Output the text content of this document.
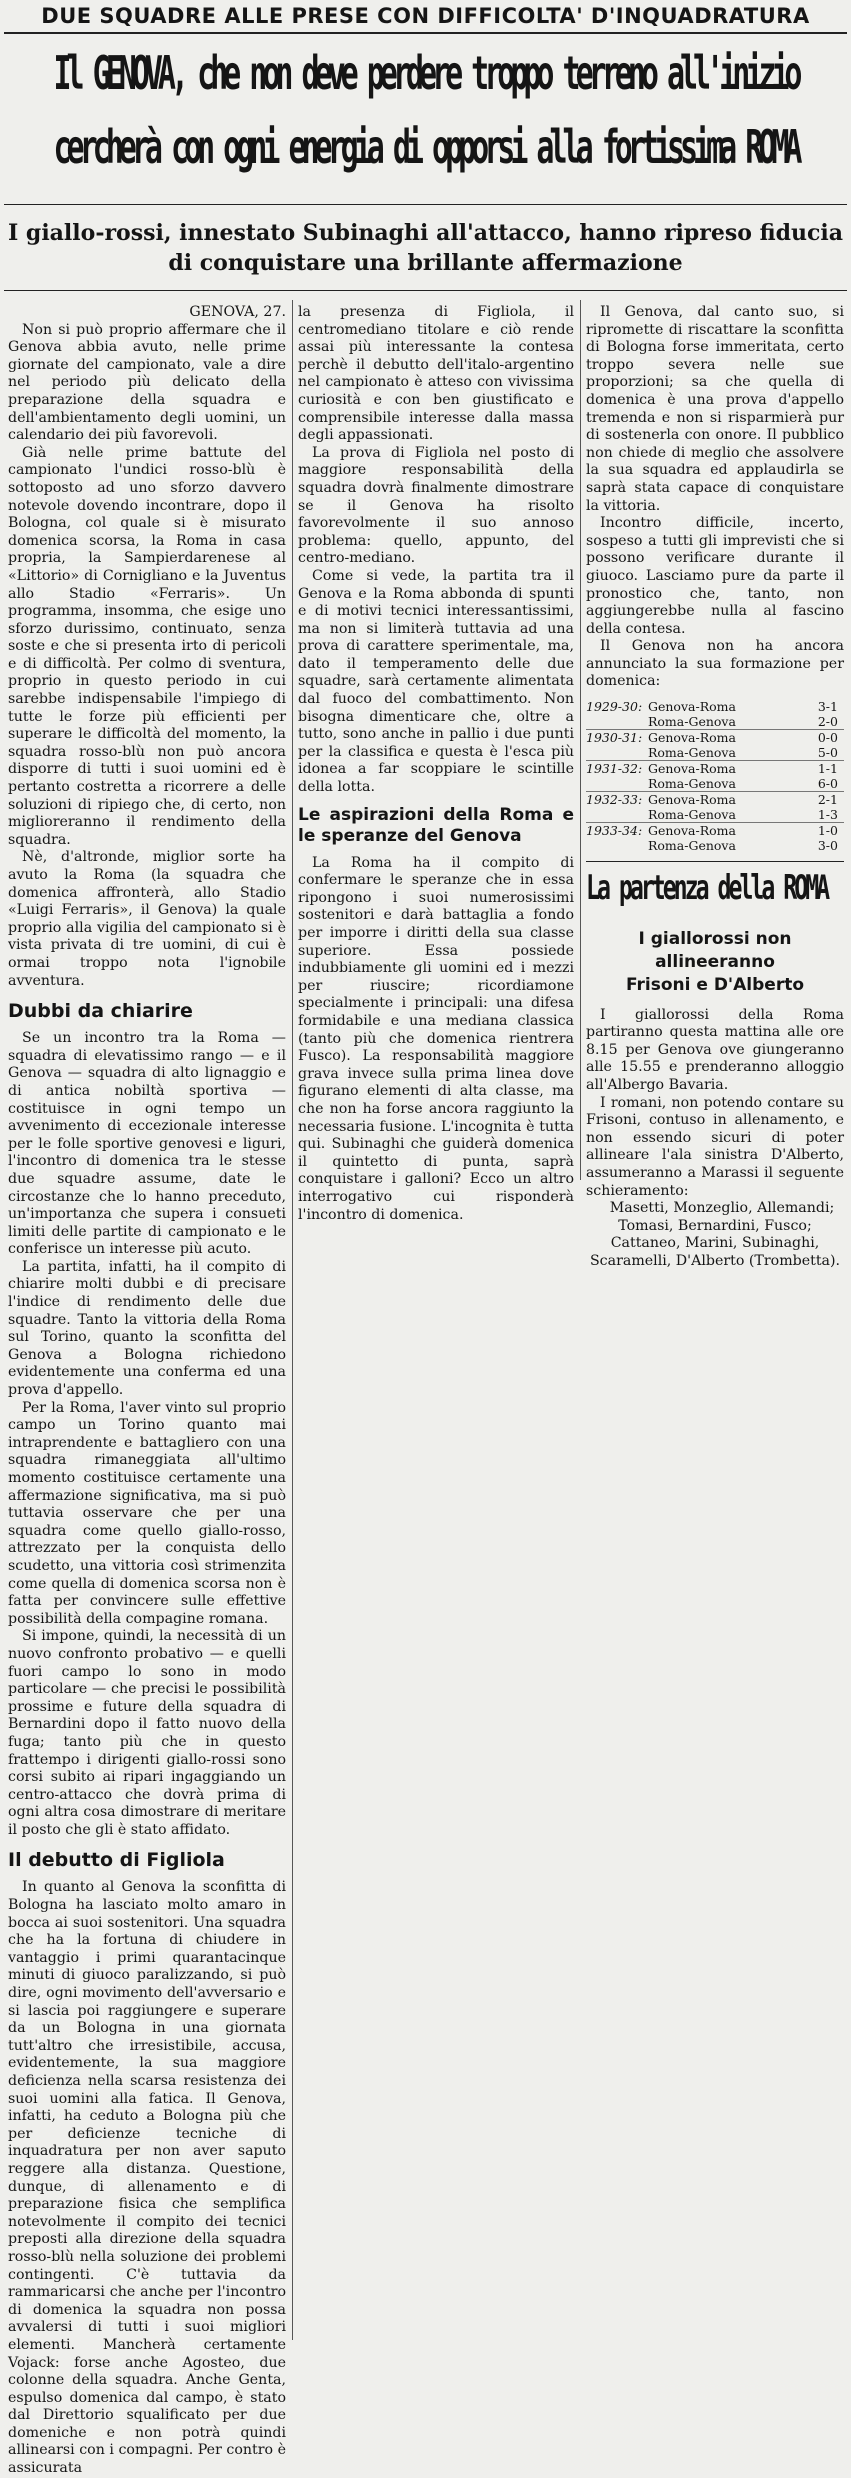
DUE SQUADRE ALLE PRESE CON DIFFICOLTA' D'INQUADRATURA
Il GENOVA, che non deve perdere troppo terreno all'inizio
cercherà con ogni energia di opporsi alla fortissima ROMA
I giallo-rossi, innestato Subinaghi all'attacco, hanno ripreso fiducia
di conquistare una brillante affermazione

GENOVA, 27.

Non si può proprio affermare che il Genova abbia avuto, nelle prime giornate del campionato, vale a dire nel periodo più delicato della preparazione della squadra e dell'ambientamento degli uomini, un calendario dei più favorevoli.

Già nelle prime battute del campionato l'undici rosso-blù è sottoposto ad uno sforzo davvero notevole dovendo incontrare, dopo il Bologna, col quale si è misurato domenica scorsa, la Roma in casa propria, la Sampierdarenese al «Littorio» di Cornigliano e la Juventus allo Stadio «Ferraris». Un programma, insomma, che esige uno sforzo durissimo, continuato, senza soste e che si presenta irto di pericoli e di difficoltà. Per colmo di sventura, proprio in questo periodo in cui sarebbe indispensabile l'impiego di tutte le forze più efficienti per superare le difficoltà del momento, la squadra rosso-blù non può ancora disporre di tutti i suoi uomini ed è pertanto costretta a ricorrere a delle soluzioni di ripiego che, di certo, non miglioreranno il rendimento della squadra.

Nè, d'altronde, miglior sorte ha avuto la Roma (la squadra che domenica affronterà, allo Stadio «Luigi Ferraris», il Genova) la quale proprio alla vigilia del campionato si è vista privata di tre uomini, di cui è ormai troppo nota l'ignobile avventura.

Dubbi da chiarire

Se un incontro tra la Roma — squadra di elevatissimo rango — e il Genova — squadra di alto lignaggio e di antica nobiltà sportiva — costituisce in ogni tempo un avvenimento di eccezionale interesse per le folle sportive genovesi e liguri, l'incontro di domenica tra le stesse due squadre assume, date le circostanze che lo hanno preceduto, un'importanza che supera i consueti limiti delle partite di campionato e le conferisce un interesse più acuto.

La partita, infatti, ha il compito di chiarire molti dubbi e di precisare l'indice di rendimento delle due squadre. Tanto la vittoria della Roma sul Torino, quanto la sconfitta del Genova a Bologna richiedono evidentemente una conferma ed una prova d'appello.

Per la Roma, l'aver vinto sul proprio campo un Torino quanto mai intraprendente e battagliero con una squadra rimaneggiata all'ultimo momento costituisce certamente una affermazione significativa, ma si può tuttavia osservare che per una squadra come quello giallo-rosso, attrezzato per la conquista dello scudetto, una vittoria così strimenzita come quella di domenica scorsa non è fatta per convincere sulle effettive possibilità della compagine romana.

Si impone, quindi, la necessità di un nuovo confronto probativo — e quelli fuori campo lo sono in modo particolare — che precisi le possibilità prossime e future della squadra di Bernardini dopo il fatto nuovo della fuga; tanto più che in questo frattempo i dirigenti giallo-rossi sono corsi subito ai ripari ingaggiando un centro-attacco che dovrà prima di ogni altra cosa dimostrare di meritare il posto che gli è stato affidato.

Il debutto di Figliola

In quanto al Genova la sconfitta di Bologna ha lasciato molto amaro in bocca ai suoi sostenitori. Una squadra che ha la fortuna di chiudere in vantaggio i primi quarantacinque minuti di giuoco paralizzando, si può dire, ogni movimento dell'avversario e si lascia poi raggiungere e superare da un Bologna in una giornata tutt'altro che irresistibile, accusa, evidentemente, la sua maggiore deficienza nella scarsa resistenza dei suoi uomini alla fatica. Il Genova, infatti, ha ceduto a Bologna più che per deficienze tecniche di inquadratura per non aver saputo reggere alla distanza. Questione, dunque, di allenamento e di preparazione fisica che semplifica notevolmente il compito dei tecnici preposti alla direzione della squadra rosso-blù nella soluzione dei problemi contingenti. C'è tuttavia da rammaricarsi che anche per l'incontro di domenica la squadra non possa avvalersi di tutti i suoi migliori elementi. Mancherà certamente Vojack: forse anche Agosteo, due colonne della squadra. Anche Genta, espulso domenica dal campo, è stato dal Direttorio squalificato per due domeniche e non potrà quindi allinearsi con i compagni. Per contro è assicurata

la presenza di Figliola, il centromediano titolare e ciò rende assai più interessante la contesa perchè il debutto dell'italo-argentino nel campionato è atteso con vivissima curiosità e con ben giustificato e comprensibile interesse dalla massa degli appassionati.

La prova di Figliola nel posto di maggiore responsabilità della squadra dovrà finalmente dimostrare se il Genova ha risolto favorevolmente il suo annoso problema: quello, appunto, del centro-mediano.

Come si vede, la partita tra il Genova e la Roma abbonda di spunti e di motivi tecnici interessantissimi, ma non si limiterà tuttavia ad una prova di carattere sperimentale, ma, dato il temperamento delle due squadre, sarà certamente alimentata dal fuoco del combattimento. Non bisogna dimenticare che, oltre a tutto, sono anche in pallio i due punti per la classifica e questa è l'esca più idonea a far scoppiare le scintille della lotta.

Le aspirazioni della Roma e le speranze del Genova

La Roma ha il compito di confermare le speranze che in essa ripongono i suoi numerosissimi sostenitori e darà battaglia a fondo per imporre i diritti della sua classe superiore. Essa possiede indubbiamente gli uomini ed i mezzi per riuscire; ricordiamone specialmente i principali: una difesa formidabile e una mediana classica (tanto più che domenica rientrera Fusco). La responsabilità maggiore grava invece sulla prima linea dove figurano elementi di alta classe, ma che non ha forse ancora raggiunto la necessaria fusione. L'incognita è tutta qui. Subinaghi che guiderà domenica il quintetto di punta, saprà conquistare i galloni? Ecco un altro interrogativo cui risponderà l'incontro di domenica.

Il Genova, dal canto suo, si ripromette di riscattare la sconfitta di Bologna forse immeritata, certo troppo severa nelle sue proporzioni; sa che quella di domenica è una prova d'appello tremenda e non si risparmierà pur di sostenerla con onore. Il pubblico non chiede di meglio che assolvere la sua squadra ed applaudirla se saprà stata capace di conquistare la vittoria.

Incontro difficile, incerto, sospeso a tutti gli imprevisti che si possono verificare durante il giuoco. Lasciamo pure da parte il pronostico che, tanto, non aggiungerebbe nulla al fascino della contesa.

Il Genova non ha ancora annunciato la sua formazione per domenica:

1929-30:	Genova-Roma	3-1
	Roma-Genova	2-0
1930-31:	Genova-Roma	0-0
	Roma-Genova	5-0
1931-32:	Genova-Roma	1-1
	Roma-Genova	6-0
1932-33:	Genova-Roma	2-1
	Roma-Genova	1-3
1933-34:	Genova-Roma	1-0
	Roma-Genova	3-0
La partenza della ROMA
I giallorossi non allineeranno
Frisoni e D'Alberto

I giallorossi della Roma partiranno questa mattina alle ore 8.15 per Genova ove giungeranno alle 15.55 e prenderanno alloggio all'Albergo Bavaria.

I romani, non potendo contare su Frisoni, contuso in allenamento, e non essendo sicuri di poter allineare l'ala sinistra D'Alberto, assumeranno a Marassi il seguente schieramento:

Masetti, Monzeglio, Allemandi; Tomasi, Bernardini, Fusco; Cattaneo, Marini, Subinaghi, Scaramelli, D'Alberto (Trombetta).
